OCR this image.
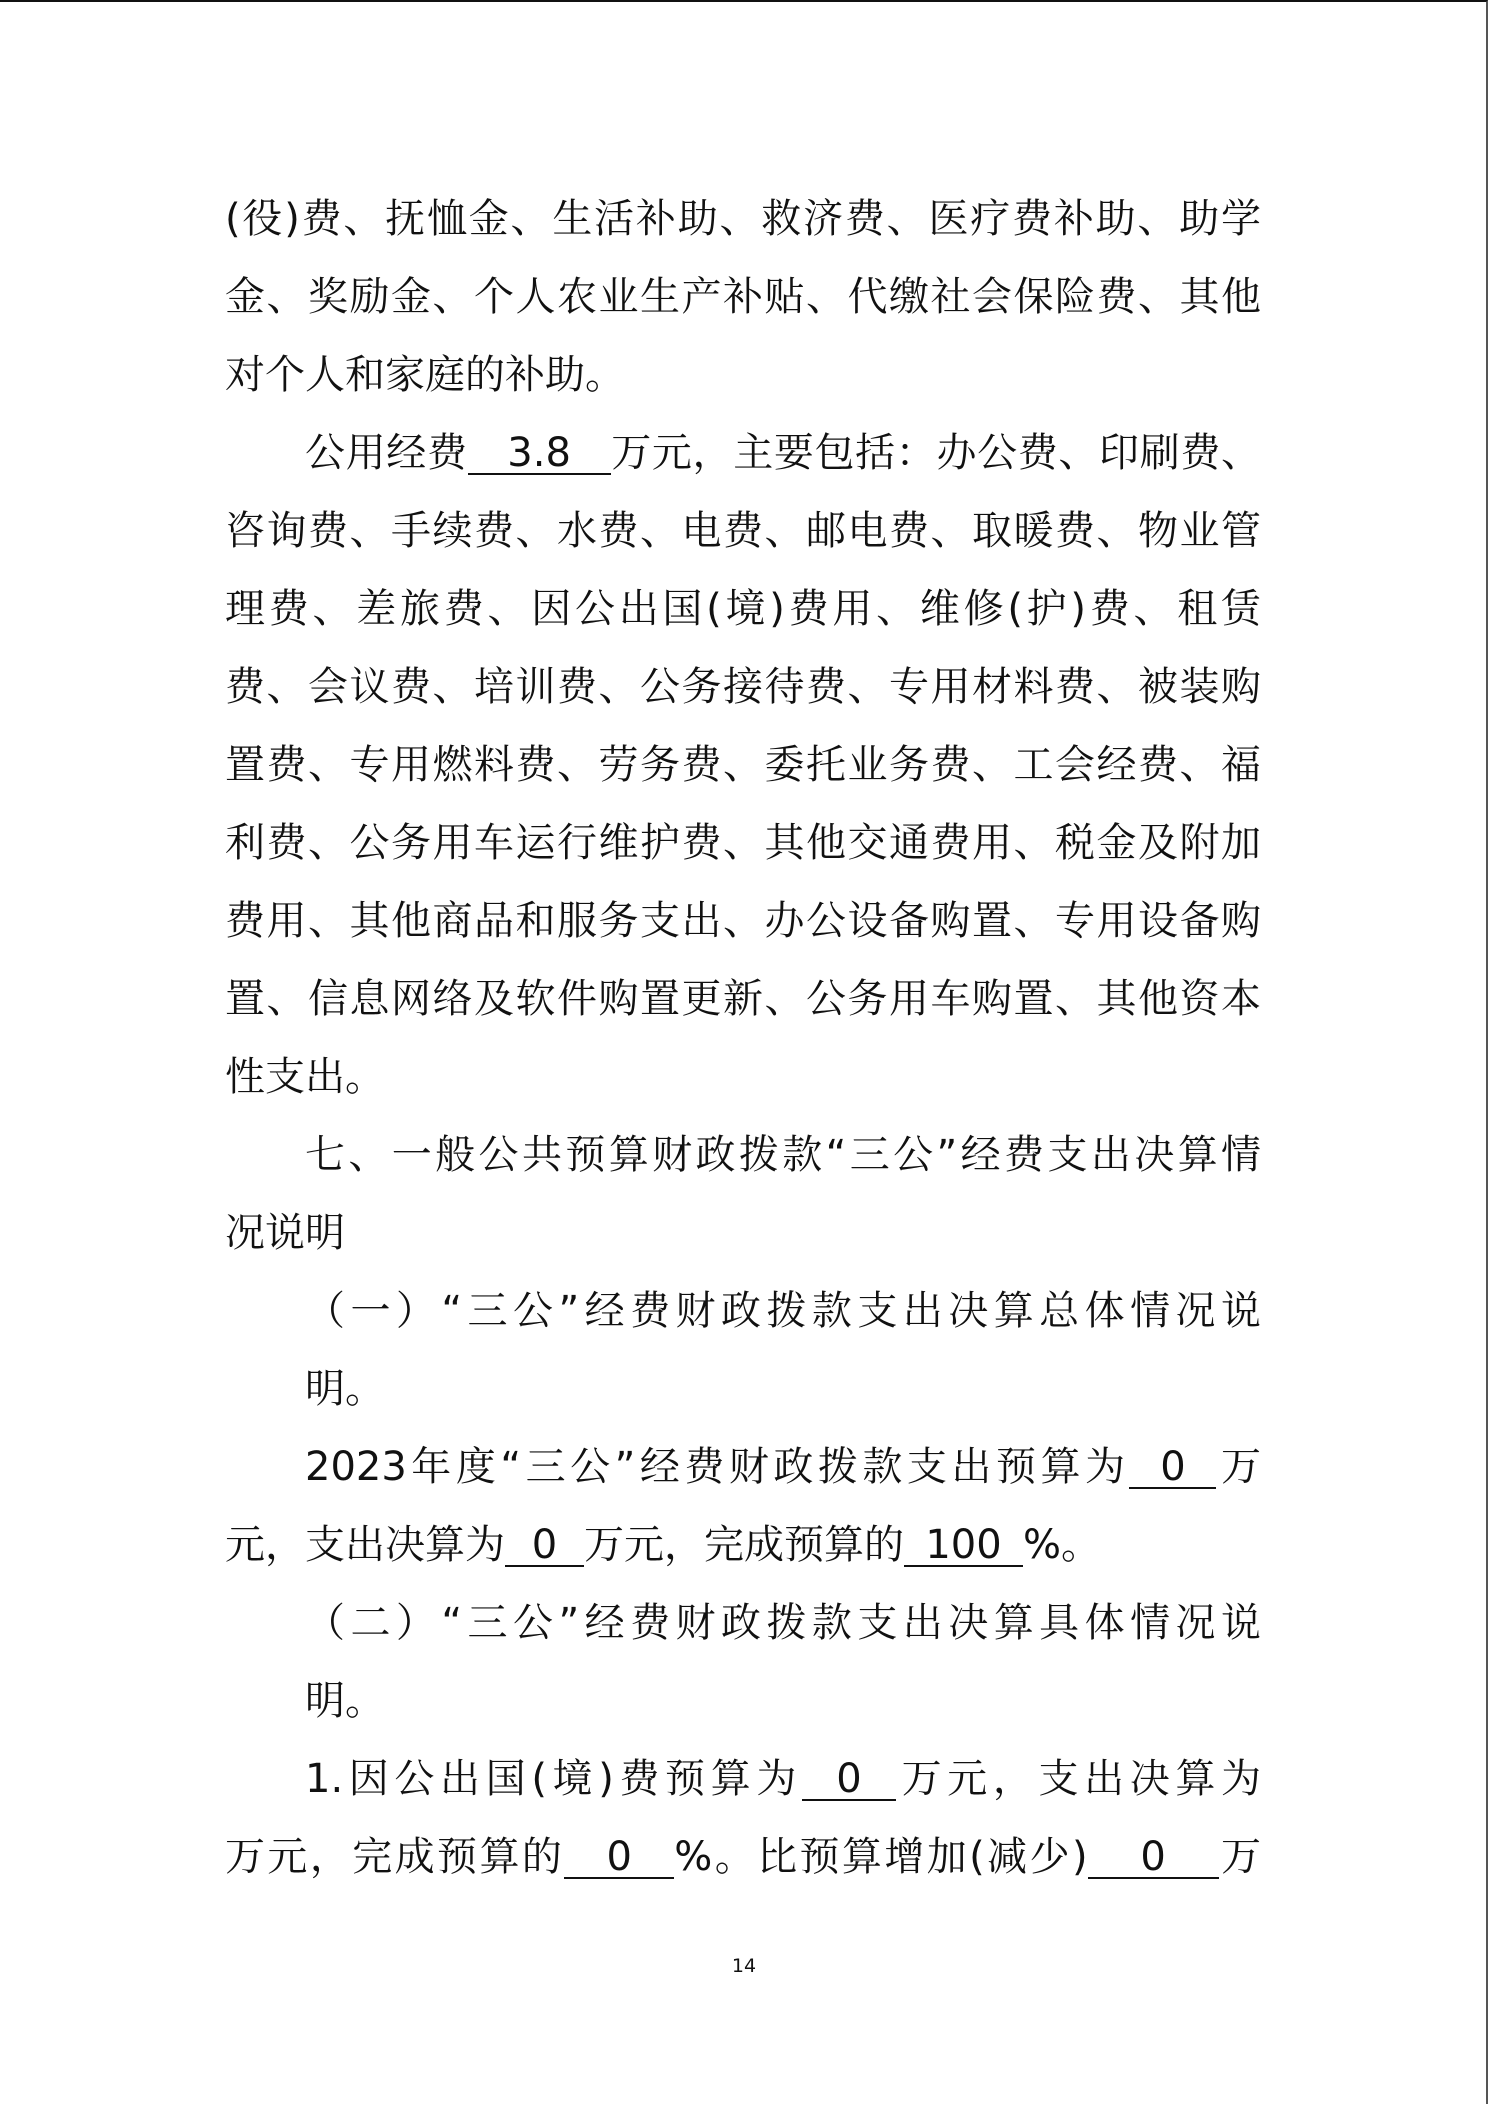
(役)费、抚恤金、生活补助、救济费、医疗费补助、助学
金、奖励金、个人农业生产补贴、代缴社会保险费、其他
对个人和家庭的补助。
公用经费 3.8 万元，主要包括：办公费、印刷费、
咨询费、手续费、水费、电费、邮电费、取暖费、物业管
理费、差旅费、因公出国(境)费用、维修(护)费、租赁
费、会议费、培训费、公务接待费、专用材料费、被装购
置费、专用燃料费、劳务费、委托业务费、工会经费、福
利费、公务用车运行维护费、其他交通费用、税金及附加
费用、其他商品和服务支出、办公设备购置、专用设备购
置、信息网络及软件购置更新、公务用车购置、其他资本
性支出。
七、一般公共预算财政拨款“三公”经费支出决算情
况说明
（一）“三公”经费财政拨款支出决算总体情况说
明。
2023年度“三公”经费财政拨款支出预算为 0 万
元，支出决算为 0 万元，完成预算的 100 %。
（二）“三公”经费财政拨款支出决算具体情况说
明。
1.因公出国(境)费预算为 0 万元，支出决算为
万元，完成预算的 0 %。比预算增加(减少) 0 万
14
